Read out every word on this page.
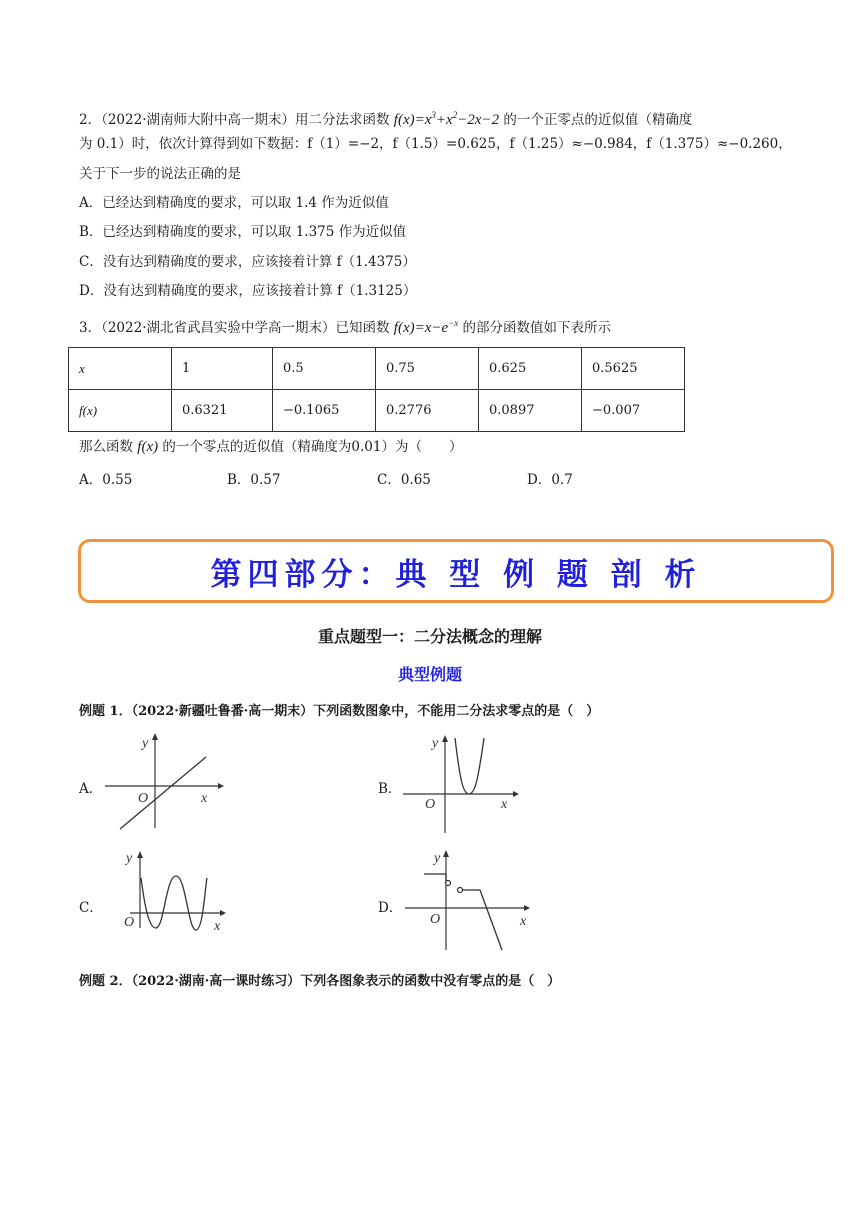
2．（2022·湖南师大附中高一期末）用二分法求函数 $f(x)=x^3+x^2-2x-2$ 的一个正零点的近似值（精确度
为 0.1）时，依次计算得到如下数据：f（1）=−2，f（1.5）=0.625，f（1.25）≈−0.984，f（1.375）≈−0.260，
关于下一步的说法正确的是
A．已经达到精确度的要求，可以取 1.4 作为近似值
B．已经达到精确度的要求，可以取 1.375 作为近似值
C．没有达到精确度的要求，应该接着计算 f（1.4375）
D．没有达到精确度的要求，应该接着计算 f（1.3125）
3．（2022·湖北省武昌实验中学高一期末）已知函数 $f(x)=x-e^{-x}$ 的部分函数值如下表所示
x	1	0.5	0.75	0.625	0.5625
f(x)	0.6321	−0.1065	0.2776	0.0897	−0.007
那么函数 f(x) 的一个零点的近似值（精确度为0.01）为（　　）
A．0.55	B．0.57	C．0.65	D．0.7
第四部分：典 型 例 题 剖 析
重点题型一：二分法概念的理解
典型例题
例题 1．（2022·新疆吐鲁番·高一期末）下列函数图象中，不能用二分法求零点的是（　）
A．
y
x
O
B．
y
x
O
C．
y
x
O
D．
y
x
O
例题 2．（2022·湖南·高一课时练习）下列各图象表示的函数中没有零点的是（　）
